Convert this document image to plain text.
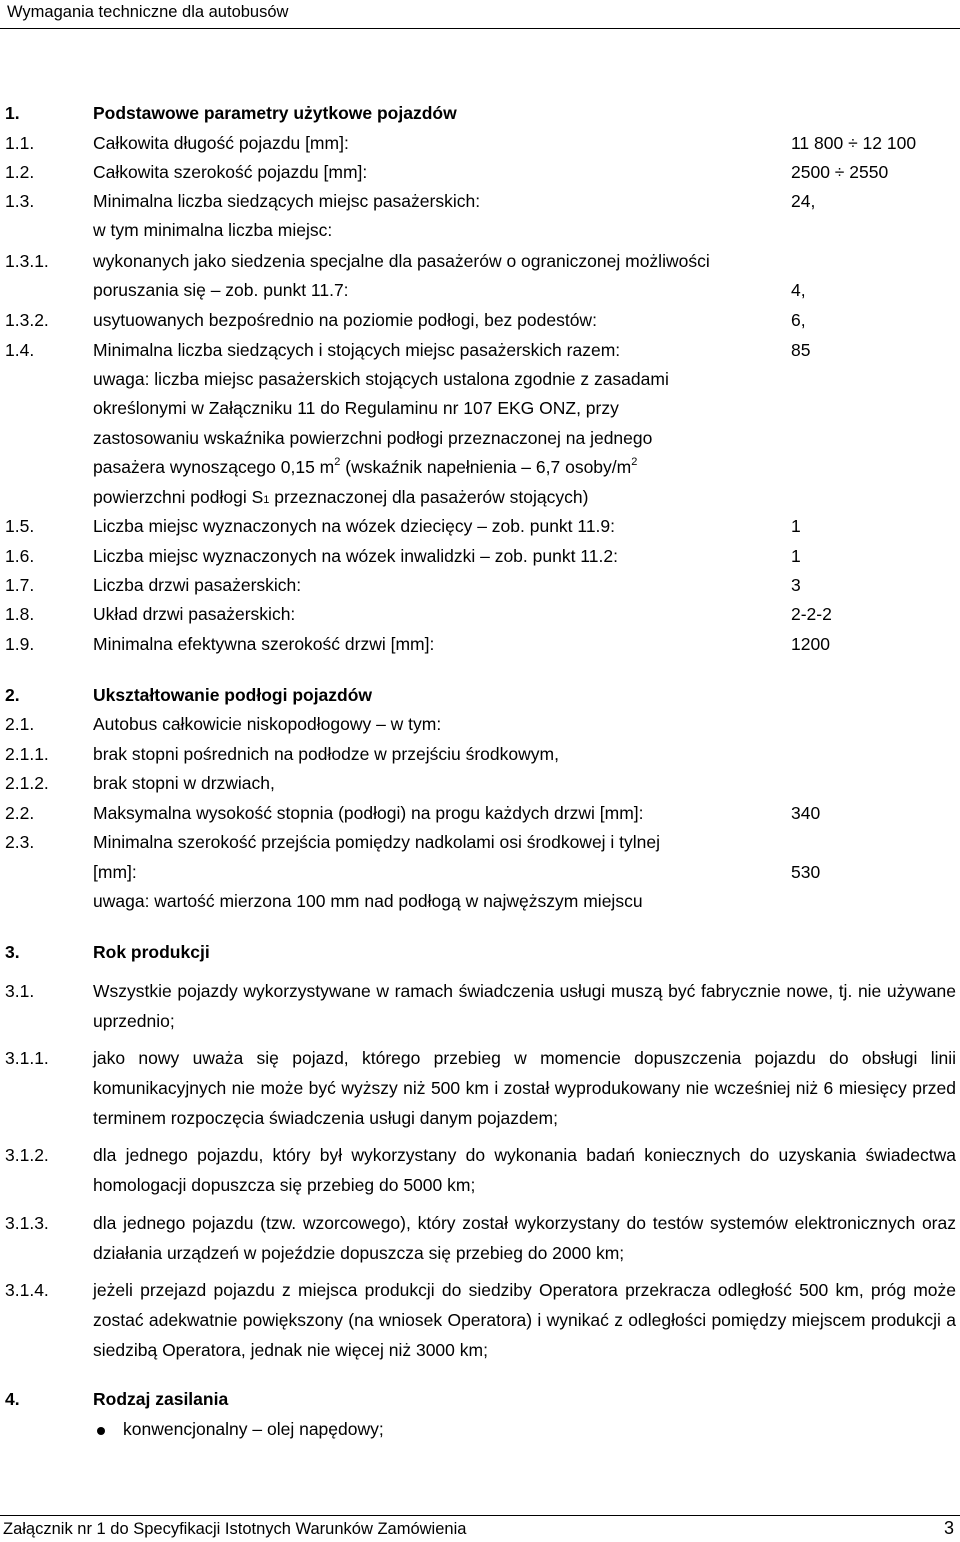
Wymagania techniczne dla autobusów
1.	Podstawowe parametry użytkowe pojazdów
1.1.	Całkowita długość pojazdu [mm]:	11 800 ÷ 12 100
1.2.	Całkowita szerokość pojazdu [mm]:	2500 ÷ 2550
1.3.	Minimalna liczba siedzących miejsc pasażerskich:	24,
w tym minimalna liczba miejsc:
1.3.1.	wykonanych jako siedzenia specjalne dla pasażerów o ograniczonej możliwości
poruszania się – zob. punkt 11.7:	4,
1.3.2.	usytuowanych bezpośrednio na poziomie podłogi, bez podestów:	6,
1.4.	Minimalna liczba siedzących i stojących miejsc pasażerskich razem:	85
uwaga: liczba miejsc pasażerskich stojących ustalona zgodnie z zasadami
określonymi w Załączniku 11 do Regulaminu nr 107 EKG ONZ, przy
zastosowaniu wskaźnika powierzchni podłogi przeznaczonej na jednego
pasażera wynoszącego 0,15 $m^2$ (wskaźnik napełnienia – 6,7 osoby/$m^2$
powierzchni podłogi $S_1$ przeznaczonej dla pasażerów stojących)
1.5.	Liczba miejsc wyznaczonych na wózek dziecięcy – zob. punkt 11.9:	1
1.6.	Liczba miejsc wyznaczonych na wózek inwalidzki – zob. punkt 11.2:	1
1.7.	Liczba drzwi pasażerskich:	3
1.8.	Układ drzwi pasażerskich:	2-2-2
1.9.	Minimalna efektywna szerokość drzwi [mm]:	1200
2.	Ukształtowanie podłogi pojazdów
2.1.	Autobus całkowicie niskopodłogowy – w tym:
2.1.1.	brak stopni pośrednich na podłodze w przejściu środkowym,
2.1.2.	brak stopni w drzwiach,
2.2.	Maksymalna wysokość stopnia (podłogi) na progu każdych drzwi [mm]:	340
2.3.	Minimalna szerokość przejścia pomiędzy nadkolami osi środkowej i tylnej
[mm]:	530
uwaga: wartość mierzona 100 mm nad podłogą w najwęższym miejscu
3.	Rok produkcji
3.1.	Wszystkie pojazdy wykorzystywane w ramach świadczenia usługi muszą być fabrycznie nowe, tj. nie używane uprzednio;
3.1.1.	jako nowy uważa się pojazd, którego przebieg w momencie dopuszczenia pojazdu do obsługi linii komunikacyjnych nie może być wyższy niż 500 km i został wyprodukowany nie wcześniej niż 6 miesięcy przed terminem rozpoczęcia świadczenia usługi danym pojazdem;
3.1.2.	dla jednego pojazdu, który był wykorzystany do wykonania badań koniecznych do uzyskania świadectwa homologacji dopuszcza się przebieg do 5000 km;
3.1.3.	dla jednego pojazdu (tzw. wzorcowego), który został wykorzystany do testów systemów elektronicznych oraz działania urządzeń w pojeździe dopuszcza się przebieg do 2000 km;
3.1.4.	jeżeli przejazd pojazdu z miejsca produkcji do siedziby Operatora przekracza odległość 500 km, próg może zostać adekwatnie powiększony (na wniosek Operatora) i wynikać z odległości pomiędzy miejscem produkcji a siedzibą Operatora, jednak nie więcej niż 3000 km;
4.	Rodzaj zasilania
konwencjonalny – olej napędowy;
Załącznik nr 1 do Specyfikacji Istotnych Warunków Zamówienia	3
